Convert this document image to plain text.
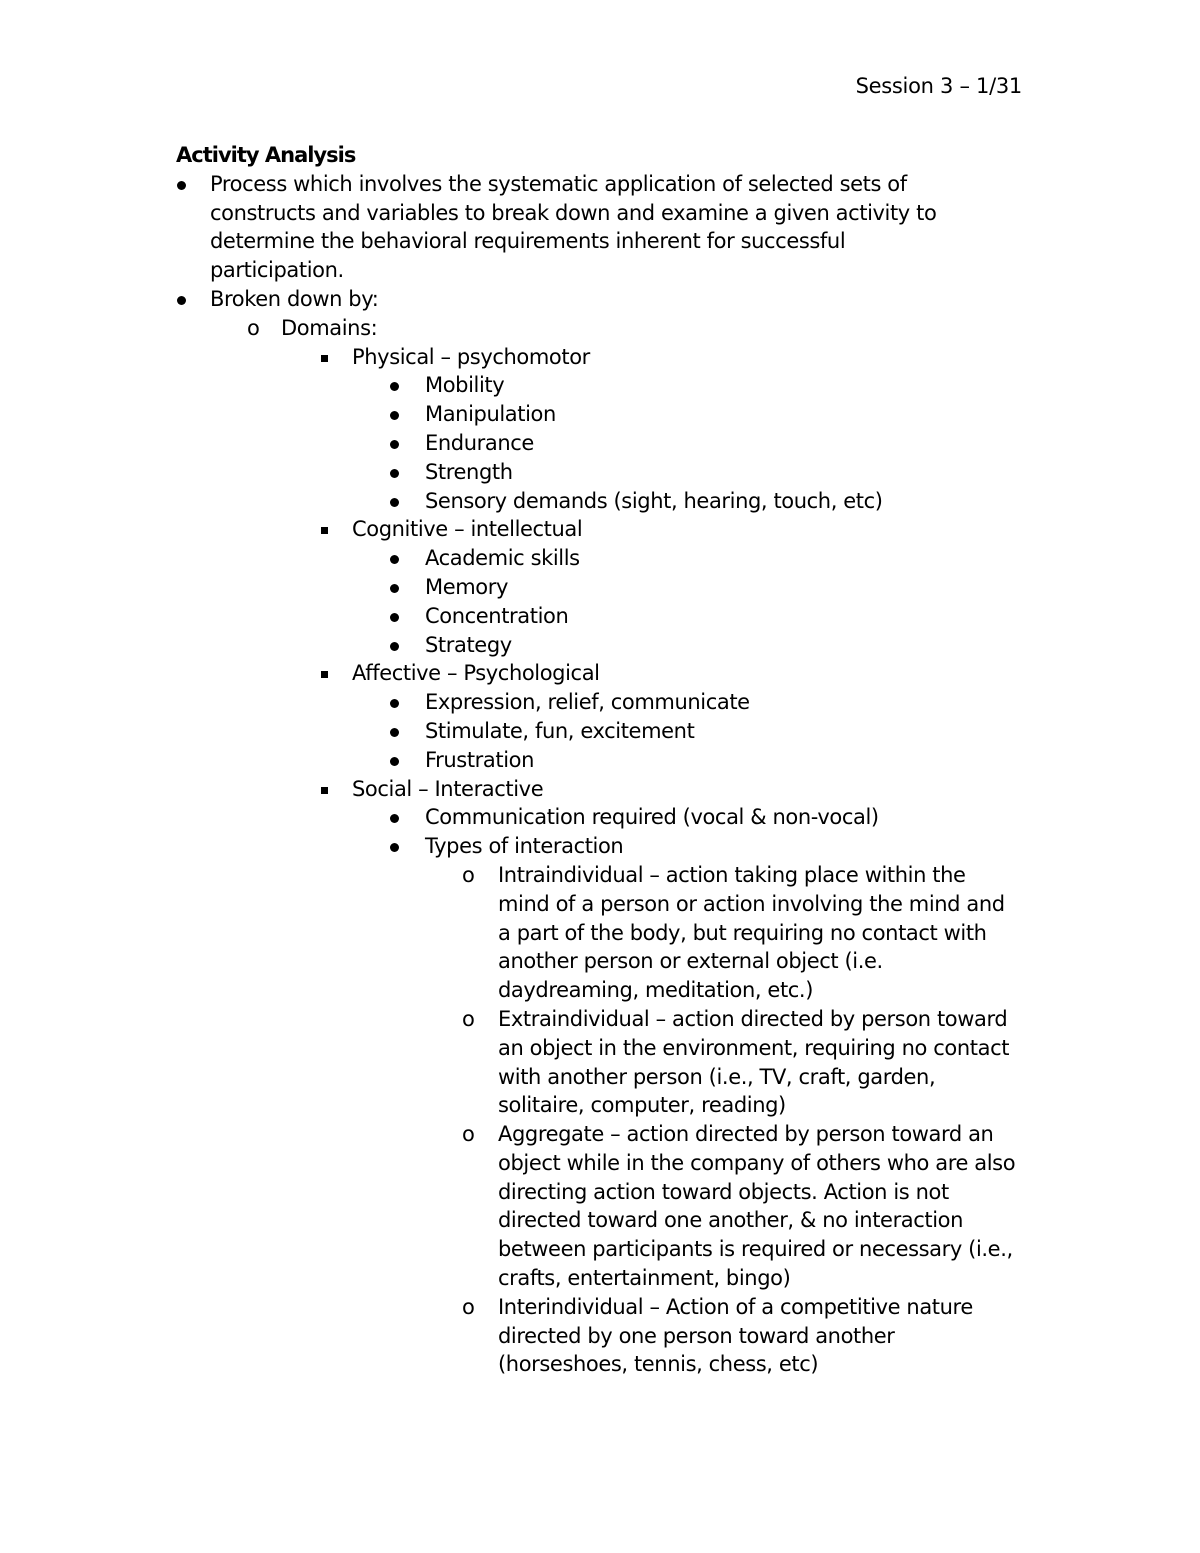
Session 3 – 1/31
Activity Analysis
Process which involves the systematic application of selected sets of constructs and variables to break down and examine a given activity to determine the behavioral requirements inherent for successful participation.
Broken down by:
o Domains:
Physical – psychomotor
Mobility
Manipulation
Endurance
Strength
Sensory demands (sight, hearing, touch, etc)
Cognitive – intellectual
Academic skills
Memory
Concentration
Strategy
Affective – Psychological
Expression, relief, communicate
Stimulate, fun, excitement
Frustration
Social – Interactive
Communication required (vocal & non-vocal)
Types of interaction
o Intraindividual – action taking place within the mind of a person or action involving the mind and a part of the body, but requiring no contact with another person or external object (i.e. daydreaming, meditation, etc.)
o Extraindividual – action directed by person toward an object in the environment, requiring no contact with another person (i.e., TV, craft, garden, solitaire, computer, reading)
o Aggregate – action directed by person toward an object while in the company of others who are also directing action toward objects. Action is not directed toward one another, & no interaction between participants is required or necessary (i.e., crafts, entertainment, bingo)
o Interindividual – Action of a competitive nature directed by one person toward another (horseshoes, tennis, chess, etc)
